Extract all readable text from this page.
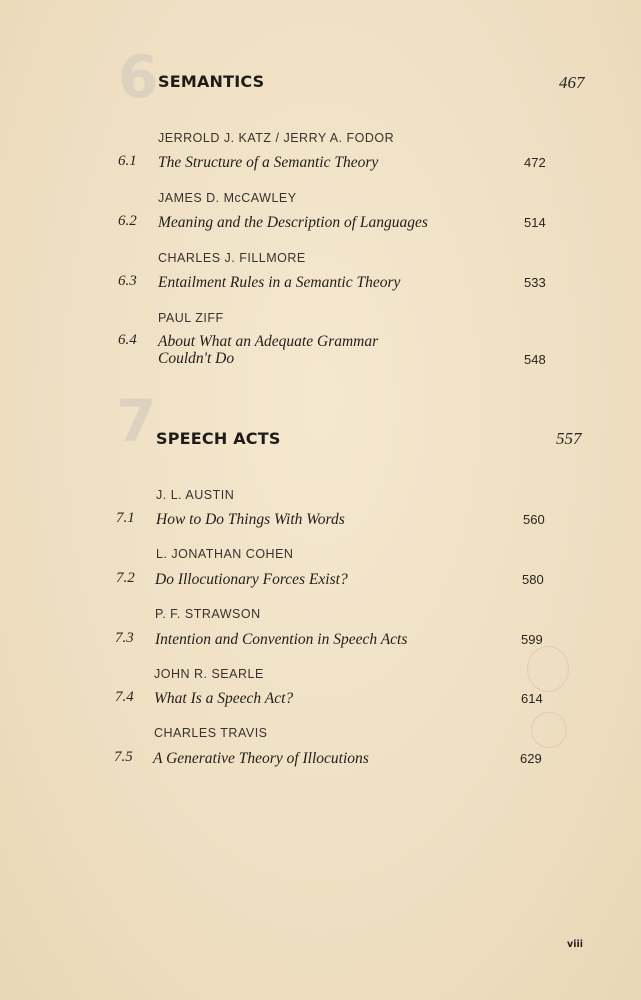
6 SEMANTICS	467
JERROLD J. KATZ / JERRY A. FODOR
6.1 The Structure of a Semantic Theory	472
JAMES D. McCAWLEY
6.2 Meaning and the Description of Languages	514
CHARLES J. FILLMORE
6.3 Entailment Rules in a Semantic Theory	533
PAUL ZIFF
6.4 About What an Adequate Grammar
Couldn't Do	548
7 SPEECH ACTS	557
J. L. AUSTIN
7.1 How to Do Things With Words	560
L. JONATHAN COHEN
7.2 Do Illocutionary Forces Exist?	580
P. F. STRAWSON
7.3 Intention and Convention in Speech Acts	599
JOHN R. SEARLE
7.4 What Is a Speech Act?	614
CHARLES TRAVIS
7.5 A Generative Theory of Illocutions	629
viii
